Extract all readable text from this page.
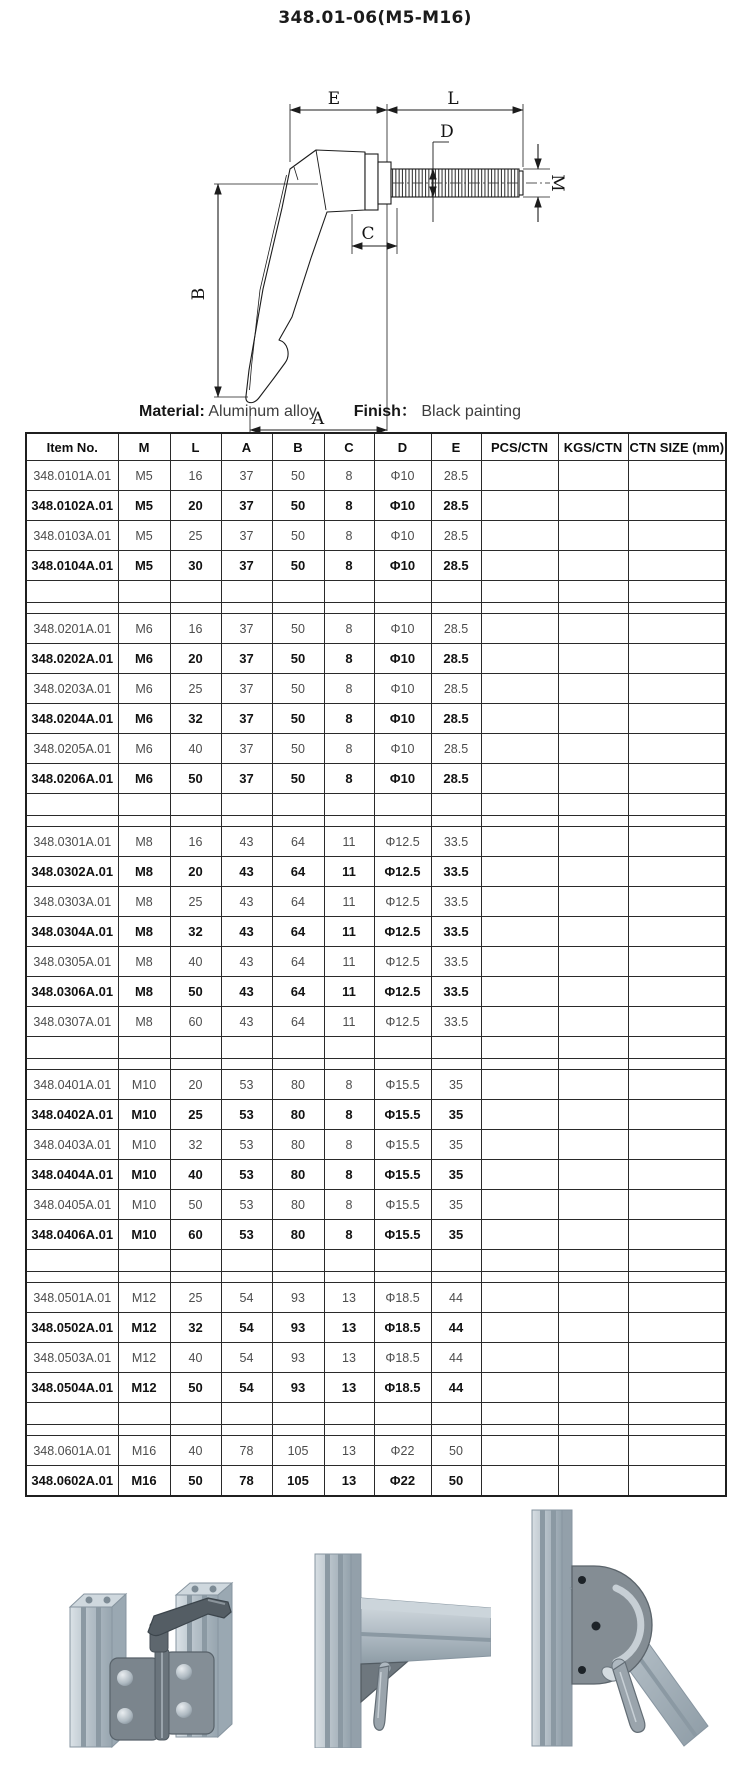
348.01-06(M5-M16)
E	L
D
M
C
B
A
Material: Aluminum alloy Finish： Black painting
Item No.	M	L	A	B	C	D	E	PCS/CTN	KGS/CTN	CTN SIZE (mm)
348.0101A.01	M5	16	37	50	8	Φ10	28.5			
348.0102A.01	M5	20	37	50	8	Φ10	28.5			
348.0103A.01	M5	25	37	50	8	Φ10	28.5			
348.0104A.01	M5	30	37	50	8	Φ10	28.5			

348.0201A.01	M6	16	37	50	8	Φ10	28.5			
348.0202A.01	M6	20	37	50	8	Φ10	28.5			
348.0203A.01	M6	25	37	50	8	Φ10	28.5			
348.0204A.01	M6	32	37	50	8	Φ10	28.5			
348.0205A.01	M6	40	37	50	8	Φ10	28.5			
348.0206A.01	M6	50	37	50	8	Φ10	28.5			

348.0301A.01	M8	16	43	64	11	Φ12.5	33.5			
348.0302A.01	M8	20	43	64	11	Φ12.5	33.5			
348.0303A.01	M8	25	43	64	11	Φ12.5	33.5			
348.0304A.01	M8	32	43	64	11	Φ12.5	33.5			
348.0305A.01	M8	40	43	64	11	Φ12.5	33.5			
348.0306A.01	M8	50	43	64	11	Φ12.5	33.5			
348.0307A.01	M8	60	43	64	11	Φ12.5	33.5			

348.0401A.01	M10	20	53	80	8	Φ15.5	35			
348.0402A.01	M10	25	53	80	8	Φ15.5	35			
348.0403A.01	M10	32	53	80	8	Φ15.5	35			
348.0404A.01	M10	40	53	80	8	Φ15.5	35			
348.0405A.01	M10	50	53	80	8	Φ15.5	35			
348.0406A.01	M10	60	53	80	8	Φ15.5	35			

348.0501A.01	M12	25	54	93	13	Φ18.5	44			
348.0502A.01	M12	32	54	93	13	Φ18.5	44			
348.0503A.01	M12	40	54	93	13	Φ18.5	44			
348.0504A.01	M12	50	54	93	13	Φ18.5	44			

348.0601A.01	M16	40	78	105	13	Φ22	50			
348.0602A.01	M16	50	78	105	13	Φ22	50			
